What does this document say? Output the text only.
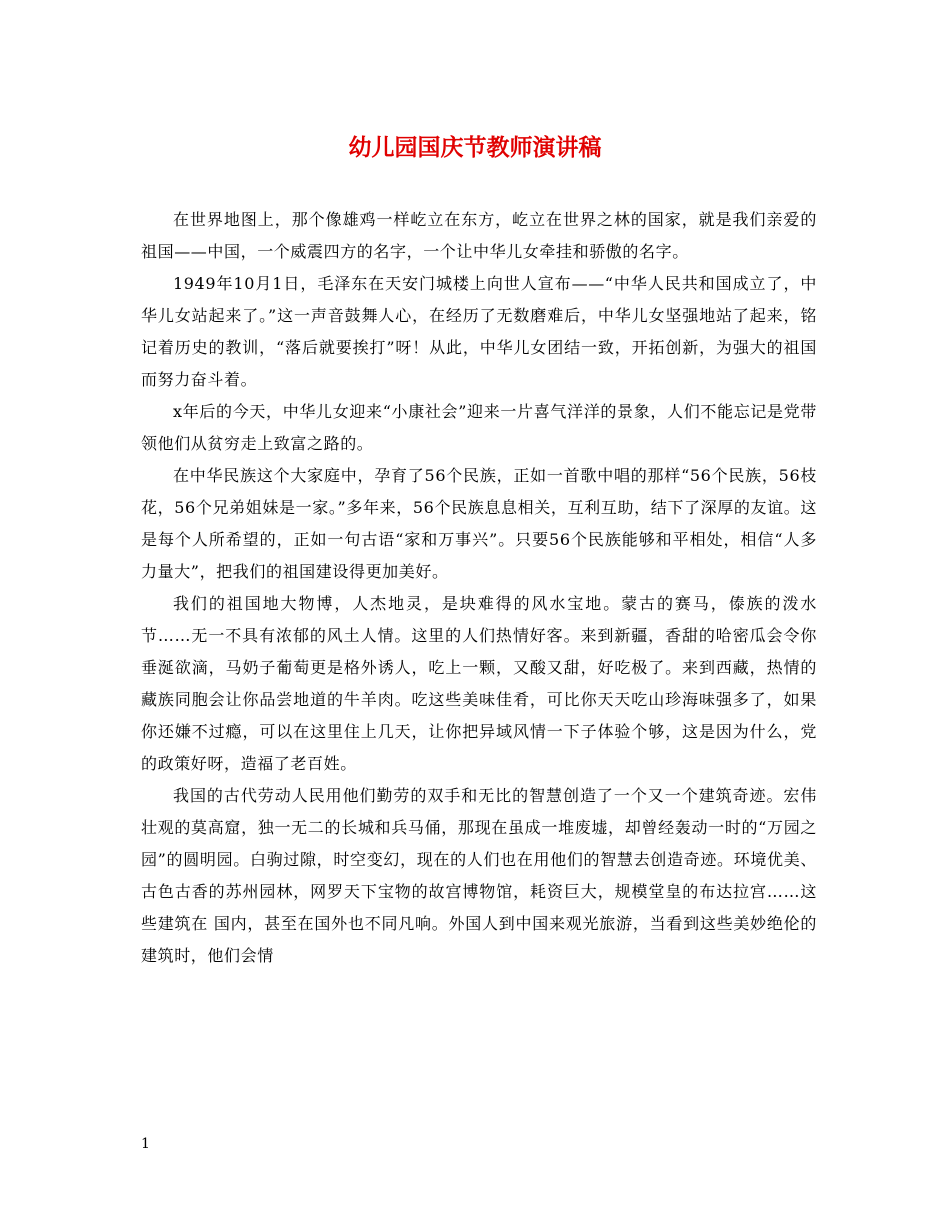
幼儿园国庆节教师演讲稿

在世界地图上，那个像雄鸡一样屹立在东方，屹立在世界之林的国家，就是我们亲爱的祖国——中国，一个威震四方的名字，一个让中华儿女牵挂和骄傲的名字。

1949年10月1日，毛泽东在天安门城楼上向世人宣布——“中华人民共和国成立了，中华儿女站起来了。”这一声音鼓舞人心，在经历了无数磨难后，中华儿女坚强地站了起来，铭记着历史的教训，“落后就要挨打”呀！从此，中华儿女团结一致，开拓创新，为强大的祖国而努力奋斗着。

x年后的今天，中华儿女迎来“小康社会”迎来一片喜气洋洋的景象，人们不能忘记是党带领他们从贫穷走上致富之路的。

在中华民族这个大家庭中，孕育了56个民族，正如一首歌中唱的那样“56个民族，56枝花，56个兄弟姐妹是一家。”多年来，56个民族息息相关，互利互助，结下了深厚的友谊。这是每个人所希望的，正如一句古语“家和万事兴”。只要56个民族能够和平相处，相信“人多力量大”，把我们的祖国建设得更加美好。

我们的祖国地大物博，人杰地灵，是块难得的风水宝地。蒙古的赛马，傣族的泼水节……无一不具有浓郁的风土人情。这里的人们热情好客。来到新疆，香甜的哈密瓜会令你垂涎欲滴，马奶子葡萄更是格外诱人，吃上一颗，又酸又甜，好吃极了。来到西藏，热情的藏族同胞会让你品尝地道的牛羊肉。吃这些美味佳肴，可比你天天吃山珍海味强多了，如果你还嫌不过瘾，可以在这里住上几天，让你把异域风情一下子体验个够，这是因为什么，党的政策好呀，造福了老百姓。

我国的古代劳动人民用他们勤劳的双手和无比的智慧创造了一个又一个建筑奇迹。宏伟壮观的莫高窟，独一无二的长城和兵马俑，那现在虽成一堆废墟，却曾经轰动一时的“万园之园”的圆明园。白驹过隙，时空变幻，现在的人们也在用他们的智慧去创造奇迹。环境优美、古色古香的苏州园林，网罗天下宝物的故宫博物馆，耗资巨大，规模堂皇的布达拉宫……这些建筑在 国内，甚至在国外也不同凡响。外国人到中国来观光旅游，当看到这些美妙绝伦的建筑时，他们会情

1
